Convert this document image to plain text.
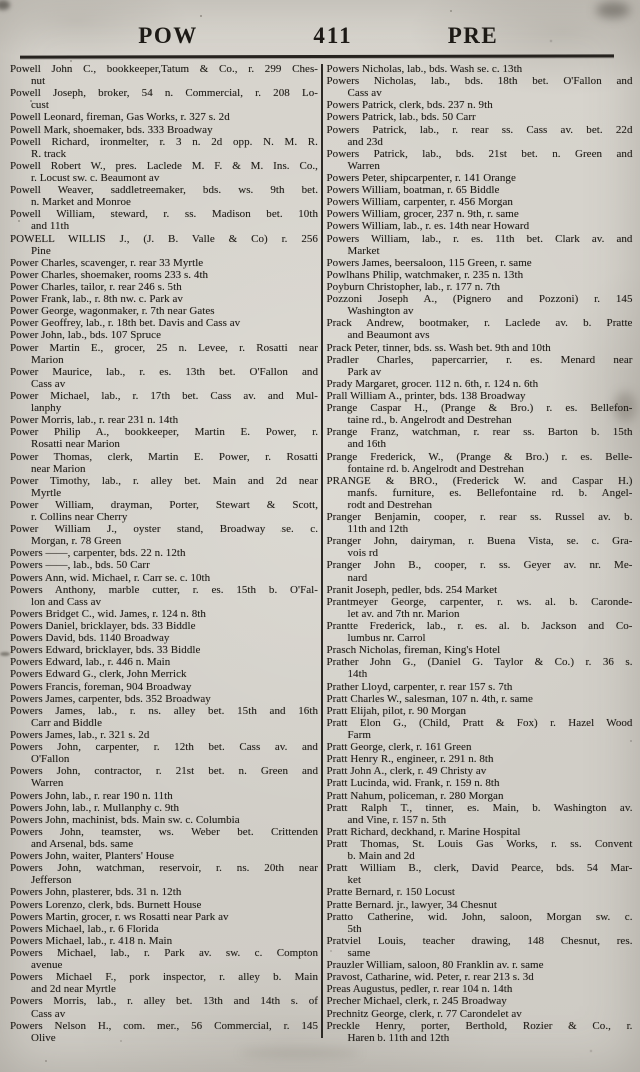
POW	411	PRE
Powell John C., bookkeeper,Tatum & Co., r. 299 Ches-
nut
Powell Joseph, broker, 54 n. Commercial, r. 208 Lo-
cust
Powell Leonard, fireman, Gas Works, r. 327 s. 2d
Powell Mark, shoemaker, bds. 333 Broadway
Powell Richard, ironmelter, r. 3 n. 2d opp. N. M. R.
R. track
Powell Robert W., pres. Laclede M. F. & M. Ins. Co.,
r. Locust sw. c. Beaumont av
Powell Weaver, saddletreemaker, bds. ws. 9th bet.
n. Market and Monroe
Powell William, steward, r. ss. Madison bet. 10th
and 11th
POWELL WILLIS J., (J. B. Valle & Co) r. 256
Pine
Power Charles, scavenger, r. rear 33 Myrtle
Power Charles, shoemaker, rooms 233 s. 4th
Power Charles, tailor, r. rear 246 s. 5th
Power Frank, lab., r. 8th nw. c. Park av
Power George, wagonmaker, r. 7th near Gates
Power Geoffrey, lab., r. 18th bet. Davis and Cass av
Power John, lab., bds. 107 Spruce
Power Martin E., grocer, 25 n. Levee, r. Rosatti near
Marion
Power Maurice, lab., r. es. 13th bet. O'Fallon and
Cass av
Power Michael, lab., r. 17th bet. Cass av. and Mul-
lanphy
Power Morris, lab., r. rear 231 n. 14th
Power Philip A., bookkeeper, Martin E. Power, r.
Rosatti near Marion
Power Thomas, clerk, Martin E. Power, r. Rosatti
near Marion
Power Timothy, lab., r. alley bet. Main and 2d near
Myrtle
Power William, drayman, Porter, Stewart & Scott,
r. Collins near Cherry
Power William J., oyster stand, Broadway se. c.
Morgan, r. 78 Green
Powers ——, carpenter, bds. 22 n. 12th
Powers ——, lab., bds. 50 Carr
Powers Ann, wid. Michael, r. Carr se. c. 10th
Powers Anthony, marble cutter, r. es. 15th b. O'Fal-
lon and Cass av
Powers Bridget C., wid. James, r. 124 n. 8th
Powers Daniel, bricklayer, bds. 33 Biddle
Powers David, bds. 1140 Broadway
Powers Edward, bricklayer, bds. 33 Biddle
Powers Edward, lab., r. 446 n. Main
Powers Edward G., clerk, John Merrick
Powers Francis, foreman, 904 Broadway
Powers James, carpenter, bds. 352 Broadway
Powers James, lab., r. ns. alley bet. 15th and 16th
Carr and Biddle
Powers James, lab., r. 321 s. 2d
Powers John, carpenter, r. 12th bet. Cass av. and
O'Fallon
Powers John, contractor, r. 21st bet. n. Green and
Warren
Powers John, lab., r. rear 190 n. 11th
Powers John, lab., r. Mullanphy c. 9th
Powers John, machinist, bds. Main sw. c. Columbia
Powers John, teamster, ws. Weber bet. Crittenden
and Arsenal, bds. same
Powers John, waiter, Planters' House
Powers John, watchman, reservoir, r. ns. 20th near
Jefferson
Powers John, plasterer, bds. 31 n. 12th
Powers Lorenzo, clerk, bds. Burnett House
Powers Martin, grocer, r. ws Rosatti near Park av
Powers Michael, lab., r. 6 Florida
Powers Michael, lab., r. 418 n. Main
Powers Michael, lab., r. Park av. sw. c. Compton
avenue
Powers Michael F., pork inspector, r. alley b. Main
and 2d near Myrtle
Powers Morris, lab., r. alley bet. 13th and 14th s. of
Cass av
Powers Nelson H., com. mer., 56 Commercial, r. 145
Olive
Powers Nicholas, lab., bds. Wash se. c. 13th
Powers Nicholas, lab., bds. 18th bet. O'Fallon and
Cass av
Powers Patrick, clerk, bds. 237 n. 9th
Powers Patrick, lab., bds. 50 Carr
Powers Patrick, lab., r. rear ss. Cass av. bet. 22d
and 23d
Powers Patrick, lab., bds. 21st bet. n. Green and
Warren
Powers Peter, shipcarpenter, r. 141 Orange
Powers William, boatman, r. 65 Biddle
Powers William, carpenter, r. 456 Morgan
Powers William, grocer, 237 n. 9th, r. same
Powers William, lab., r. es. 14th near Howard
Powers William, lab., r. es. 11th bet. Clark av. and
Market
Powers James, beersaloon, 115 Green, r. same
Powlhans Philip, watchmaker, r. 235 n. 13th
Poyburn Christopher, lab., r. 177 n. 7th
Pozzoni Joseph A., (Pignero and Pozzoni) r. 145
Washington av
Prack Andrew, bootmaker, r. Laclede av. b. Pratte
and Beaumont avs
Prack Peter, tinner, bds. ss. Wash bet. 9th and 10th
Pradler Charles, papercarrier, r. es. Menard near
Park av
Prady Margaret, grocer. 112 n. 6th, r. 124 n. 6th
Prall William A., printer, bds. 138 Broadway
Prange Caspar H., (Prange & Bro.) r. es. Bellefon-
taine rd., b. Angelrodt and Destrehan
Prange Franz, watchman, r. rear ss. Barton b. 15th
and 16th
Prange Frederick, W., (Prange & Bro.) r. es. Belle-
fontaine rd. b. Angelrodt and Destrehan
PRANGE & BRO., (Frederick W. and Caspar H.)
manfs. furniture, es. Bellefontaine rd. b. Angel-
rodt and Destrehan
Pranger Benjamin, cooper, r. rear ss. Russel av. b.
11th and 12th
Pranger John, dairyman, r. Buena Vista, se. c. Gra-
vois rd
Pranger John B., cooper, r. ss. Geyer av. nr. Me-
nard
Pranit Joseph, pedler, bds. 254 Market
Prantmeyer George, carpenter, r. ws. al. b. Caronde-
let av. and 7th nr. Marion
Prantte Frederick, lab., r. es. al. b. Jackson and Co-
lumbus nr. Carrol
Prasch Nicholas, fireman, King's Hotel
Prather John G., (Daniel G. Taylor & Co.) r. 36 s.
14th
Prather Lloyd, carpenter, r. rear 157 s. 7th
Pratt Charles W., salesman, 107 n. 4th, r. same
Pratt Elijah, pilot, r. 90 Morgan
Pratt Elon G., (Child, Pratt & Fox) r. Hazel Wood
Farm
Pratt George, clerk, r. 161 Green
Pratt Henry R., engineer, r. 291 n. 8th
Pratt John A., clerk, r. 49 Christy av
Pratt Lucinda, wid. Frank, r. 159 n. 8th
Pratt Nahum, policeman, r. 280 Morgan
Pratt Ralph T., tinner, es. Main, b. Washington av.
and Vine, r. 157 n. 5th
Pratt Richard, deckhand, r. Marine Hospital
Pratt Thomas, St. Louis Gas Works, r. ss. Convent
b. Main and 2d
Pratt William B., clerk, David Pearce, bds. 54 Mar-
ket
Pratte Bernard, r. 150 Locust
Pratte Bernard. jr., lawyer, 34 Chesnut
Pratto Catherine, wid. John, saloon, Morgan sw. c.
5th
Pratviel Louis, teacher drawing, 148 Chesnut, res.
same
Prauzler William, saloon, 80 Franklin av. r. same
Pravost, Catharine, wid. Peter, r. rear 213 s. 3d
Preas Augustus, pedler, r. rear 104 n. 14th
Precher Michael, clerk, r. 245 Broadway
Prechnitz George, clerk, r. 77 Carondelet av
Preckle Henry, porter, Berthold, Rozier & Co., r.
Haren b. 11th and 12th
